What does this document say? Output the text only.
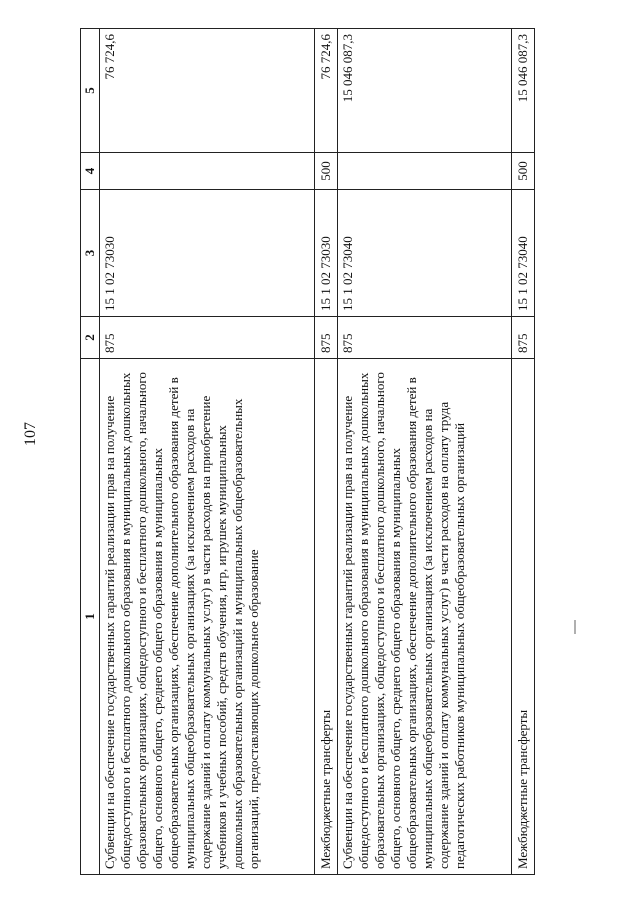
107
1	2	3	4	5
Субвенции на обеспечение государственных гарантий реализации прав на получение общедоступного и бесплатного дошкольного образования в муниципальных дошкольных образовательных организациях, общедоступного и бесплатного дошкольного, начального общего, основного общего, среднего общего образования в муниципальных общеобразовательных организациях, обеспечение дополнительного образования детей в муниципальных общеобразовательных организациях (за исключением расходов на содержание зданий и оплату коммунальных услуг) в части расходов на приобретение учебников и учебных пособий, средств обучения, игр, игрушек муниципальных дошкольных образовательных организаций и муниципальных общеобразовательных организаций, предоставляющих дошкольное образование	875	15 1 02 73030		76 724,6
Межбюджетные трансферты	875	15 1 02 73030	500	76 724,6
Субвенции на обеспечение государственных гарантий реализации прав на получение общедоступного и бесплатного дошкольного образования в муниципальных дошкольных образовательных организациях, общедоступного и бесплатного дошкольного, начального общего, основного общего, среднего общего образования в муниципальных общеобразовательных организациях, обеспечение дополнительного образования детей в муниципальных общеобразовательных организациях (за исключением расходов на содержание зданий и оплату коммунальных услуг) в части расходов на оплату труда педагогических работников муниципальных общеобразовательных организаций	875	15 1 02 73040		15 046 087,3
Межбюджетные трансферты	875	15 1 02 73040	500	15 046 087,3
